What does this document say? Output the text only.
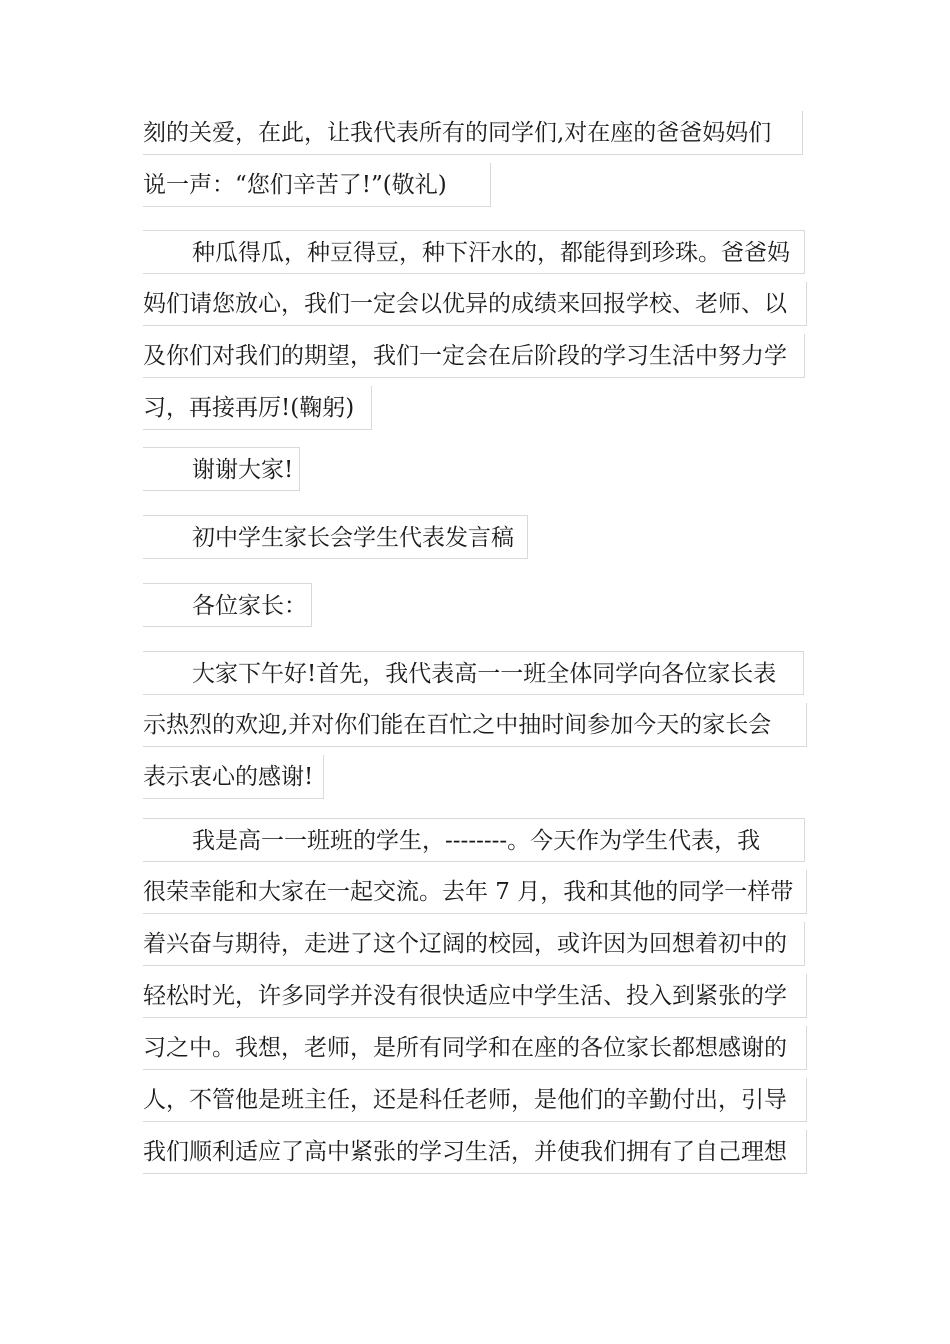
刻的关爱，在此，让我代表所有的同学们,对在座的爸爸妈妈们
说一声：“您们辛苦了!”(敬礼)
种瓜得瓜，种豆得豆，种下汗水的，都能得到珍珠。爸爸妈
妈们请您放心，我们一定会以优异的成绩来回报学校、老师、以
及你们对我们的期望，我们一定会在后阶段的学习生活中努力学
习，再接再厉!(鞠躬)
谢谢大家!
初中学生家长会学生代表发言稿
各位家长：
大家下午好!首先，我代表高一一班全体同学向各位家长表
示热烈的欢迎,并对你们能在百忙之中抽时间参加今天的家长会
表示衷心的感谢!
我是高一一班班的学生，--------。今天作为学生代表，我
很荣幸能和大家在一起交流。去年 7 月，我和其他的同学一样带
着兴奋与期待，走进了这个辽阔的校园，或许因为回想着初中的
轻松时光，许多同学并没有很快适应中学生活、投入到紧张的学
习之中。我想，老师，是所有同学和在座的各位家长都想感谢的
人，不管他是班主任，还是科任老师，是他们的辛勤付出，引导
我们顺利适应了高中紧张的学习生活，并使我们拥有了自己理想
